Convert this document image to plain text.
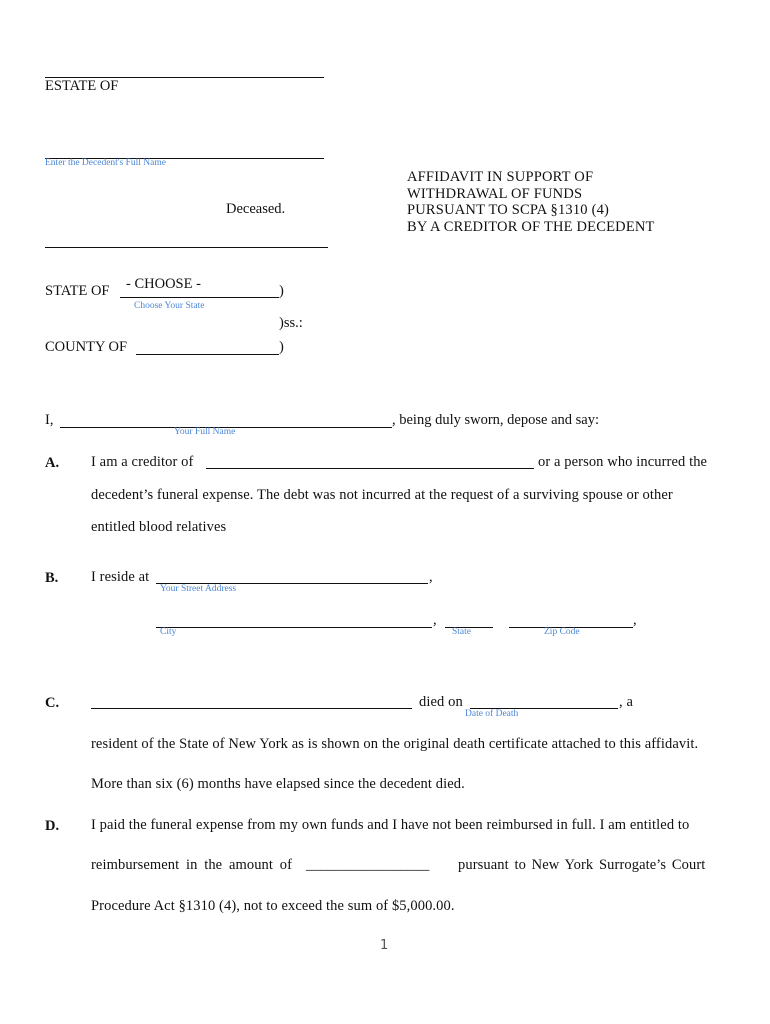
ESTATE OF
Enter the Decedent's Full Name
Deceased.
AFFIDAVIT IN SUPPORT OF
WITHDRAWAL OF FUNDS
PURSUANT TO SCPA §1310 (4)
BY A CREDITOR OF THE DECEDENT
STATE OF - CHOOSE -	)
Choose Your State
)ss.:
COUNTY OF	)
I,	, being duly sworn, depose and say:
Your Full Name
A. I am a creditor of	or a person who incurred the
decedent’s funeral expense. The debt was not incurred at the request of a surviving spouse or other
entitled blood relatives
B. I reside at	,
Your Street Address
,	,
City	State	Zip Code
C.	died on	, a
Date of Death
resident of the State of New York as is shown on the original death certificate attached to this affidavit.
More than six (6) months have elapsed since the decedent died.
D. I paid the funeral expense from my own funds and I have not been reimbursed in full. I am entitled to
reimbursement in the amount of _________________ pursuant to New York Surrogate’s Court
Procedure Act §1310 (4), not to exceed the sum of $5,000.00.
1
